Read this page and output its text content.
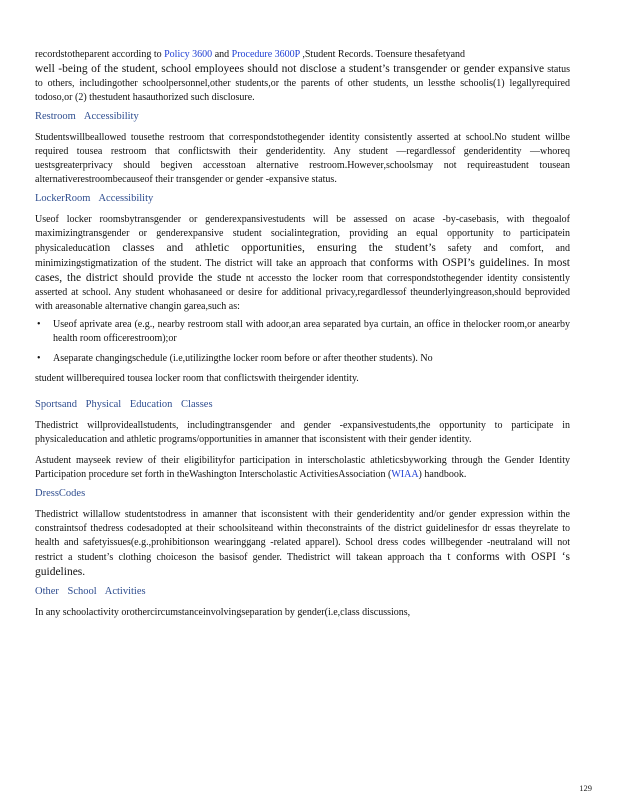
recordstotheparent according to Policy 3600 and Procedure 3600P ,Student Records. Toensure thesafetyand
well -being of the student, school employees should not disclose a student’s transgender or gender expansive status to others, includingother schoolpersonnel,other students,or the parents of other students, un lessthe schoolis(1) legallyrequired todoso,or (2) thestudent hasauthorized such disclosure.

Restroom Accessibility

Studentswillbeallowed tousethe restroom that correspondstothegender identity consistently asserted at school.No student willbe required tousea restroom that conflictswith their genderidentity. Any student —regardlessof genderidentity —whoreq uestsgreaterprivacy should begiven accesstoan alternative restroom.However,schoolsmay not requireastudent tousean alternativerestroombecauseof their transgender or gender -expansive status.

LockerRoom Accessibility

Useof locker roomsbytransgender or genderexpansivestudents will be assessed on acase -by-casebasis, with thegoalof maximizingtransgender or genderexpansive student socialintegration, providing an equal opportunity to participatein physicaleducation classes and athletic opportunities, ensuring the student’s safety and comfort, and minimizingstigmatization of the student. The district will take an approach that conforms with OSPI’s guidelines. In most cases, the district should provide the stude nt accessto the locker room that correspondstothegender identity consistently asserted at school. Any student whohasaneed or desire for additional privacy,regardlessof theunderlyingreason,should beprovided with areasonable alternative changin garea,such as:

• Useof aprivate area (e.g., nearby restroom stall with adoor,an area separated bya curtain, an office in thelocker room,or anearby health room officerestroom);or
• Aseparate changingschedule (i.e,utilizingthe locker room before or after theother students). No

student willberequired tousea locker room that conflictswith theirgender identity.

Sportsand Physical Education Classes

Thedistrict willprovideallstudents, includingtransgender and gender -expansivestudents,the opportunity to participate in physicaleducation and athletic programs/opportunities in amanner that isconsistent with their gender identity.

Astudent mayseek review of their eligibilityfor participation in interscholastic athleticsbyworking through the Gender Identity Participation procedure set forth in theWashington Interscholastic ActivitiesAssociation (WIAA) handbook.

DressCodes

Thedistrict willallow studentstodress in amanner that isconsistent with their genderidentity and/or gender expression within the constraintsof thedress codesadopted at their schoolsiteand within theconstraints of the district guidelinesfor dr essas theyrelate to health and safetyissues(e.g.,prohibitionson wearinggang -related apparel). School dress codes willbegender -neutraland will not restrict a student’s clothing choiceson the basisof gender. Thedistrict will takean approach tha t conforms with OSPI ‘s guidelines.

Other School Activities

In any schoolactivity orothercircumstanceinvolvingseparation by gender(i.e,class discussions,

129
